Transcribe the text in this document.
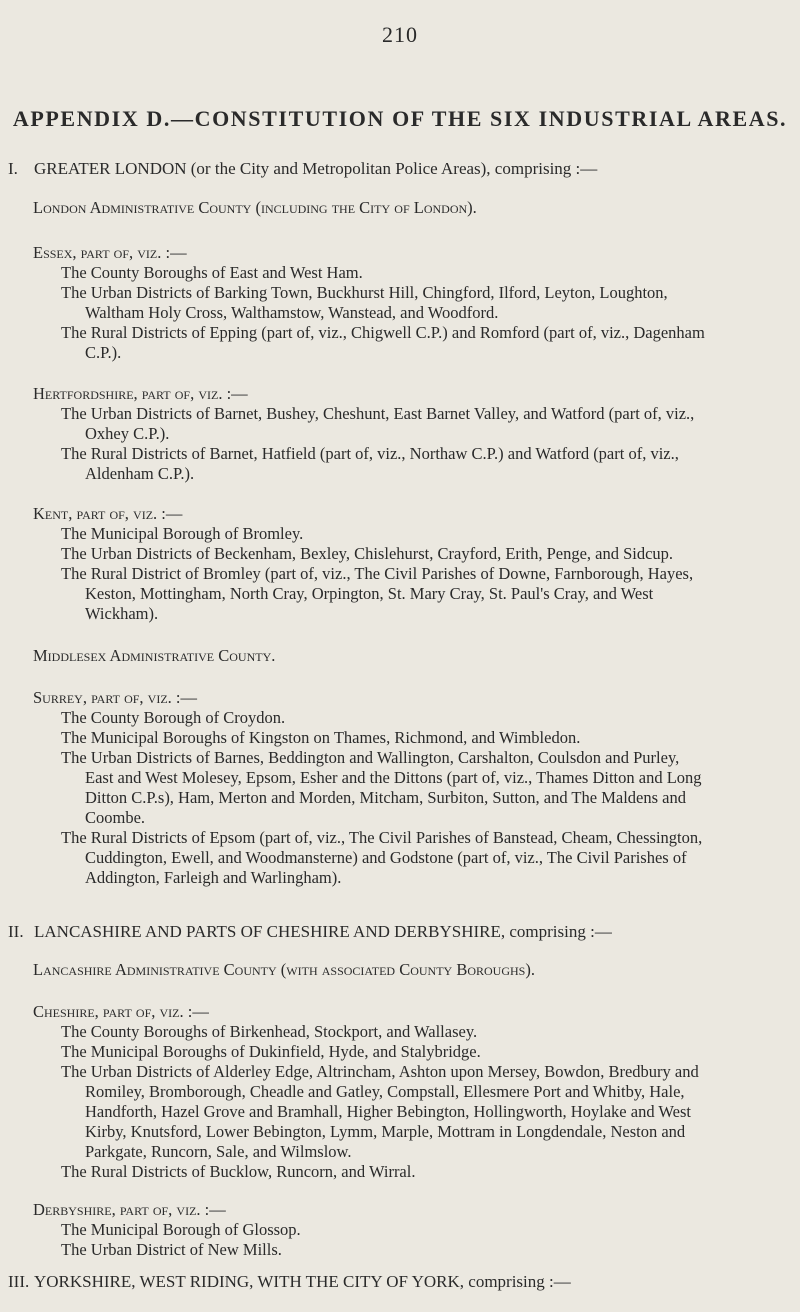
210
APPENDIX D.—CONSTITUTION OF THE SIX INDUSTRIAL AREAS.
I. GREATER LONDON (or the City and Metropolitan Police Areas), comprising :—
London Administrative County (including the City of London).
Essex, part of, viz. :—
The County Boroughs of East and West Ham.
The Urban Districts of Barking Town, Buckhurst Hill, Chingford, Ilford, Leyton, Loughton,
Waltham Holy Cross, Walthamstow, Wanstead, and Woodford.
The Rural Districts of Epping (part of, viz., Chigwell C.P.) and Romford (part of, viz., Dagenham
C.P.).
Hertfordshire, part of, viz. :—
The Urban Districts of Barnet, Bushey, Cheshunt, East Barnet Valley, and Watford (part of, viz.,
Oxhey C.P.).
The Rural Districts of Barnet, Hatfield (part of, viz., Northaw C.P.) and Watford (part of, viz.,
Aldenham C.P.).
Kent, part of, viz. :—
The Municipal Borough of Bromley.
The Urban Districts of Beckenham, Bexley, Chislehurst, Crayford, Erith, Penge, and Sidcup.
The Rural District of Bromley (part of, viz., The Civil Parishes of Downe, Farnborough, Hayes,
Keston, Mottingham, North Cray, Orpington, St. Mary Cray, St. Paul's Cray, and West
Wickham).
Middlesex Administrative County.
Surrey, part of, viz. :—
The County Borough of Croydon.
The Municipal Boroughs of Kingston on Thames, Richmond, and Wimbledon.
The Urban Districts of Barnes, Beddington and Wallington, Carshalton, Coulsdon and Purley,
East and West Molesey, Epsom, Esher and the Dittons (part of, viz., Thames Ditton and Long
Ditton C.P.s), Ham, Merton and Morden, Mitcham, Surbiton, Sutton, and The Maldens and
Coombe.
The Rural Districts of Epsom (part of, viz., The Civil Parishes of Banstead, Cheam, Chessington,
Cuddington, Ewell, and Woodmansterne) and Godstone (part of, viz., The Civil Parishes of
Addington, Farleigh and Warlingham).
II. LANCASHIRE AND PARTS OF CHESHIRE AND DERBYSHIRE, comprising :—
Lancashire Administrative County (with associated County Boroughs).
Cheshire, part of, viz. :—
The County Boroughs of Birkenhead, Stockport, and Wallasey.
The Municipal Boroughs of Dukinfield, Hyde, and Stalybridge.
The Urban Districts of Alderley Edge, Altrincham, Ashton upon Mersey, Bowdon, Bredbury and
Romiley, Bromborough, Cheadle and Gatley, Compstall, Ellesmere Port and Whitby, Hale,
Handforth, Hazel Grove and Bramhall, Higher Bebington, Hollingworth, Hoylake and West
Kirby, Knutsford, Lower Bebington, Lymm, Marple, Mottram in Longdendale, Neston and
Parkgate, Runcorn, Sale, and Wilmslow.
The Rural Districts of Bucklow, Runcorn, and Wirral.
Derbyshire, part of, viz. :—
The Municipal Borough of Glossop.
The Urban District of New Mills.
III. YORKSHIRE, WEST RIDING, WITH THE CITY OF YORK, comprising :—
